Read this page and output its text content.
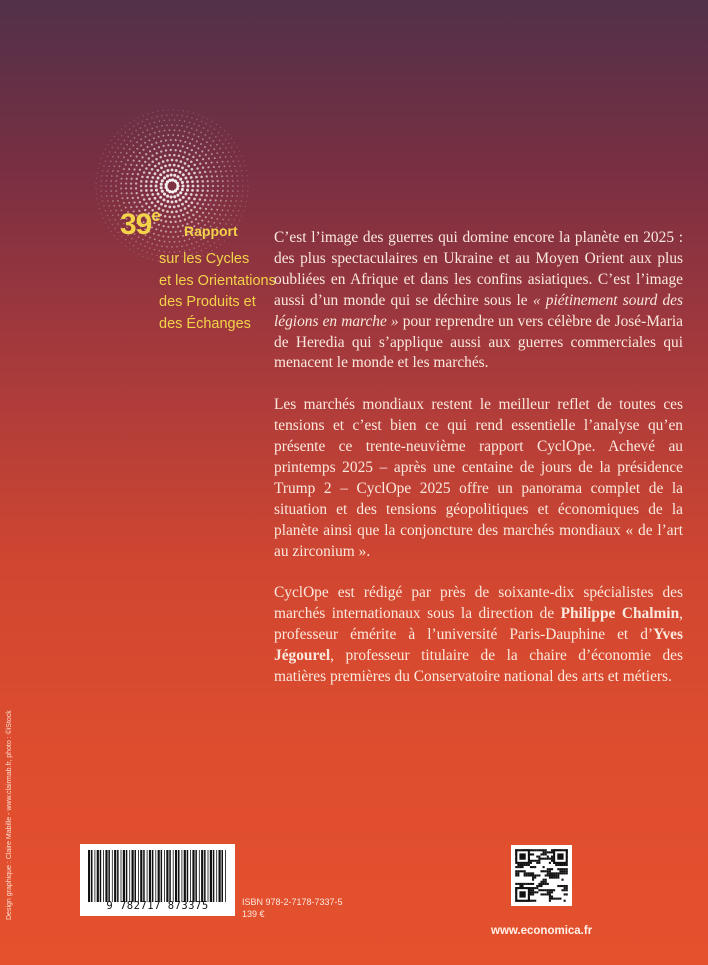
39e
Rapport
sur les Cycles
et les Orientations
des Produits et
des Échanges

C’est l’image des guerres qui domine encore la planète en 2025 : des plus spectaculaires en Ukraine et au Moyen Orient aux plus oubliées en Afrique et dans les confins asiatiques. C’est l’image aussi d’un monde qui se déchire sous le « piétinement sourd des légions en marche » pour reprendre un vers célèbre de José-Maria de Heredia qui s’applique aussi aux guerres commerciales qui menacent le monde et les marchés.

Les marchés mondiaux restent le meilleur reflet de toutes ces tensions et c’est bien ce qui rend essentielle l’analyse qu’en présente ce trente-neuvième rapport CyclOpe. Achevé au printemps 2025 – après une centaine de jours de la présidence Trump 2 – CyclOpe 2025 offre un panorama complet de la situation et des tensions géopolitiques et économiques de la planète ainsi que la conjoncture des marchés mondiaux « de l’art au zirconium ».

CyclOpe est rédigé par près de soixante-dix spécialistes des marchés internationaux sous la direction de Philippe Chalmin, professeur émérite à l’université Paris-Dauphine et d’Yves Jégourel, professeur titulaire de la chaire d’économie des matières premières du Conservatoire national des arts et métiers.

Design graphique : Claire Mabille - www.clairmab.fr, photo : ©iStock	9 782717 873375	ISBN 978-2-7178-7337-5
139 €
www.economica.fr
